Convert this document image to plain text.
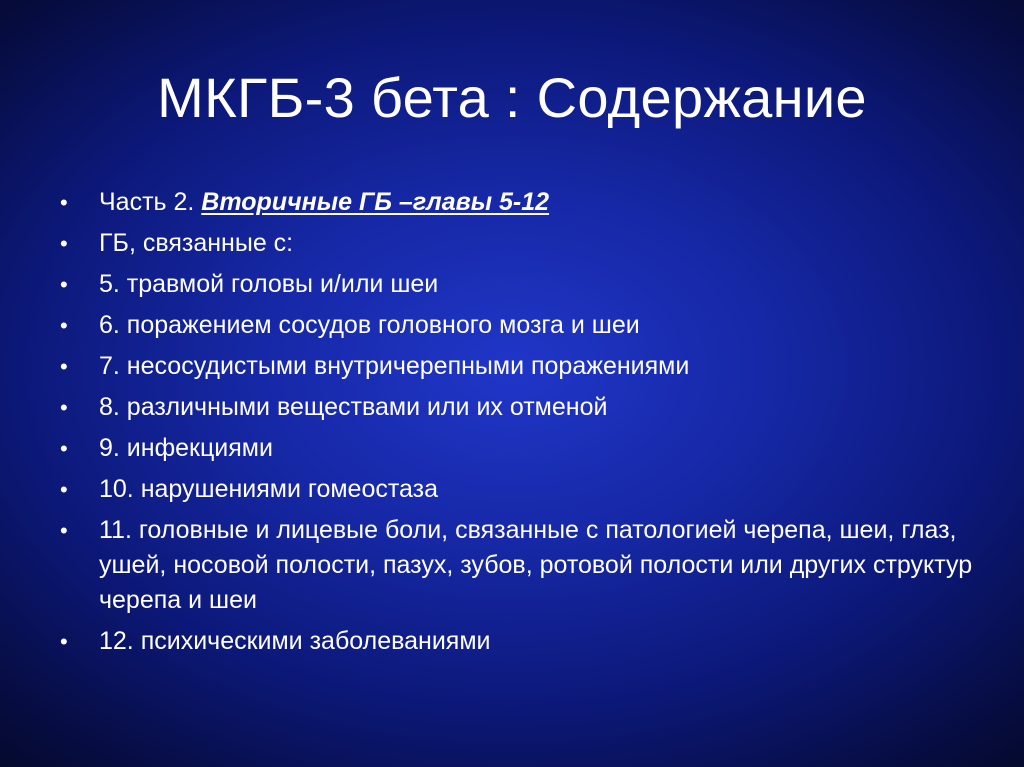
МКГБ-3 бета : Содержание
•	Часть 2. Вторичные ГБ –главы 5-12
•	ГБ, связанные с:
•	5. травмой головы и/или шеи
•	6. поражением сосудов головного мозга и шеи
•	7. несосудистыми внутричерепными поражениями
•	8. различными веществами или их отменой
•	9. инфекциями
•	10. нарушениями гомеостаза
•	11. головные и лицевые боли, связанные с патологией черепа, шеи, глаз, ушей, носовой полости, пазух, зубов, ротовой полости или других структур черепа и шеи
•	12. психическими заболеваниями
